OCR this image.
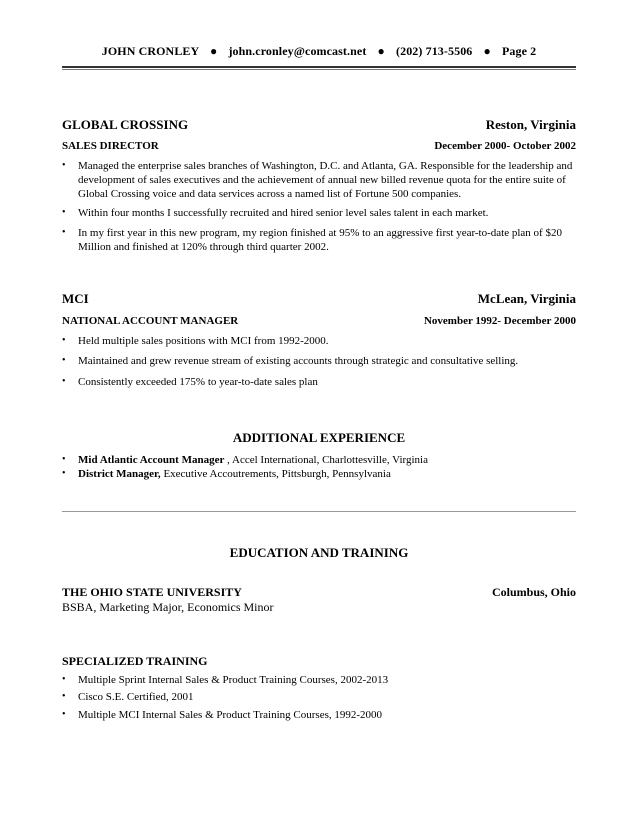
JOHN CRONLEY ● john.cronley@comcast.net ● (202) 713-5506 ● Page 2
GLOBAL CROSSING	Reston, Virginia
SALES DIRECTOR	December 2000- October 2002
•	Managed the enterprise sales branches of Washington, D.C. and Atlanta, GA. Responsible for the leadership and development of sales executives and the achievement of annual new billed revenue quota for the entire suite of Global Crossing voice and data services across a named list of Fortune 500 companies.
•	Within four months I successfully recruited and hired senior level sales talent in each market.
•	In my first year in this new program, my region finished at 95% to an aggressive first year-to-date plan of $20 Million and finished at 120% through third quarter 2002.
MCI	McLean, Virginia
NATIONAL ACCOUNT MANAGER	November 1992- December 2000
•	Held multiple sales positions with MCI from 1992-2000.
•	Maintained and grew revenue stream of existing accounts through strategic and consultative selling.
•	Consistently exceeded 175% to year-to-date sales plan
ADDITIONAL EXPERIENCE
•	Mid Atlantic Account Manager , Accel International, Charlottesville, Virginia
•	District Manager, Executive Accoutrements, Pittsburgh, Pennsylvania
EDUCATION AND TRAINING
THE OHIO STATE UNIVERSITY	Columbus, Ohio
BSBA, Marketing Major, Economics Minor
SPECIALIZED TRAINING
•	Multiple Sprint Internal Sales & Product Training Courses, 2002-2013
•	Cisco S.E. Certified, 2001
•	Multiple MCI Internal Sales & Product Training Courses, 1992-2000
